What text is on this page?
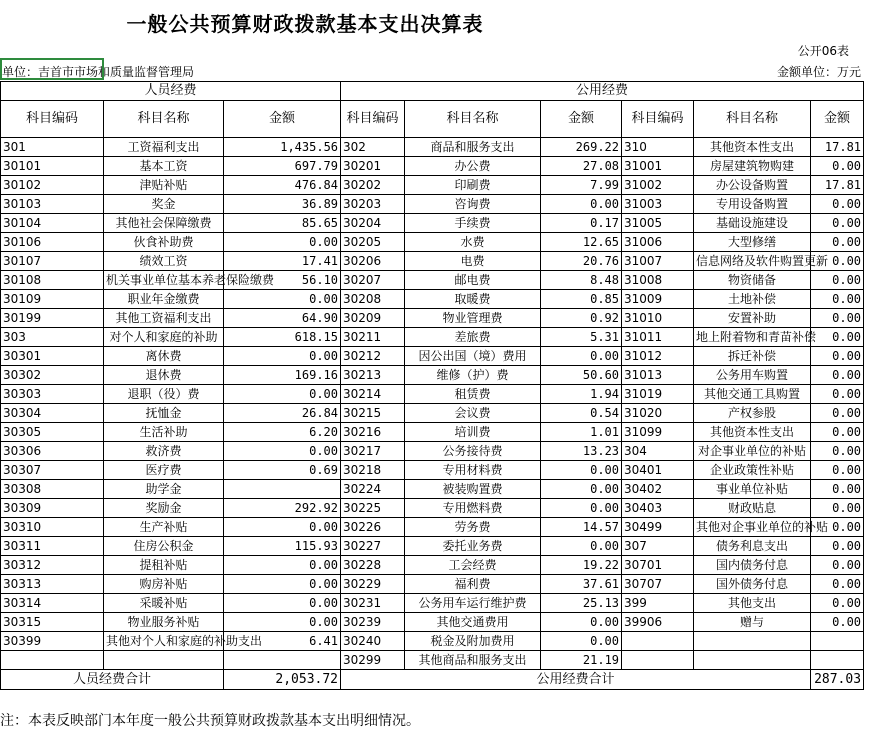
一般公共预算财政拨款基本支出决算表
公开06表
单位：吉首市市场和质量监督管理局	金额单位：万元
人员经费			公用经费					
科目编码	科目名称	金额	科目编码	科目名称	金额	科目编码	科目名称	金额
301	工资福利支出	1,435.56	302	商品和服务支出	269.22	310	其他资本性支出	17.81
30101	基本工资	697.79	30201	办公费	27.08	31001	房屋建筑物购建	0.00
30102	津贴补贴	476.84	30202	印刷费	7.99	31002	办公设备购置	17.81
30103	奖金	36.89	30203	咨询费	0.00	31003	专用设备购置	0.00
30104	其他社会保障缴费	85.65	30204	手续费	0.17	31005	基础设施建设	0.00
30106	伙食补助费	0.00	30205	水费	12.65	31006	大型修缮	0.00
30107	绩效工资	17.41	30206	电费	20.76	31007	信息网络及软件购置更新	0.00
30108	机关事业单位基本养老保险缴费	56.10	30207	邮电费	8.48	31008	物资储备	0.00
30109	职业年金缴费	0.00	30208	取暖费	0.85	31009	土地补偿	0.00
30199	其他工资福利支出	64.90	30209	物业管理费	0.92	31010	安置补助	0.00
303	对个人和家庭的补助	618.15	30211	差旅费	5.31	31011	地上附着物和青苗补偿	0.00
30301	离休费	0.00	30212	因公出国（境）费用	0.00	31012	拆迁补偿	0.00
30302	退休费	169.16	30213	维修（护）费	50.60	31013	公务用车购置	0.00
30303	退职（役）费	0.00	30214	租赁费	1.94	31019	其他交通工具购置	0.00
30304	抚恤金	26.84	30215	会议费	0.54	31020	产权参股	0.00
30305	生活补助	6.20	30216	培训费	1.01	31099	其他资本性支出	0.00
30306	救济费	0.00	30217	公务接待费	13.23	304	对企事业单位的补贴	0.00
30307	医疗费	0.69	30218	专用材料费	0.00	30401	企业政策性补贴	0.00
30308	助学金		30224	被装购置费	0.00	30402	事业单位补贴	0.00
30309	奖励金	292.92	30225	专用燃料费	0.00	30403	财政贴息	0.00
30310	生产补贴	0.00	30226	劳务费	14.57	30499	其他对企事业单位的补贴	0.00
30311	住房公积金	115.93	30227	委托业务费	0.00	307	债务利息支出	0.00
30312	提租补贴	0.00	30228	工会经费	19.22	30701	国内债务付息	0.00
30313	购房补贴	0.00	30229	福利费	37.61	30707	国外债务付息	0.00
30314	采暖补贴	0.00	30231	公务用车运行维护费	25.13	399	其他支出	0.00
30315	物业服务补贴	0.00	30239	其他交通费用	0.00	39906	赠与	0.00
30399	其他对个人和家庭的补助支出	6.41	30240	税金及附加费用	0.00			
			30299	其他商品和服务支出	21.19			
人员经费合计		2,053.72	公用经费合计					287.03
注：本表反映部门本年度一般公共预算财政拨款基本支出明细情况。
